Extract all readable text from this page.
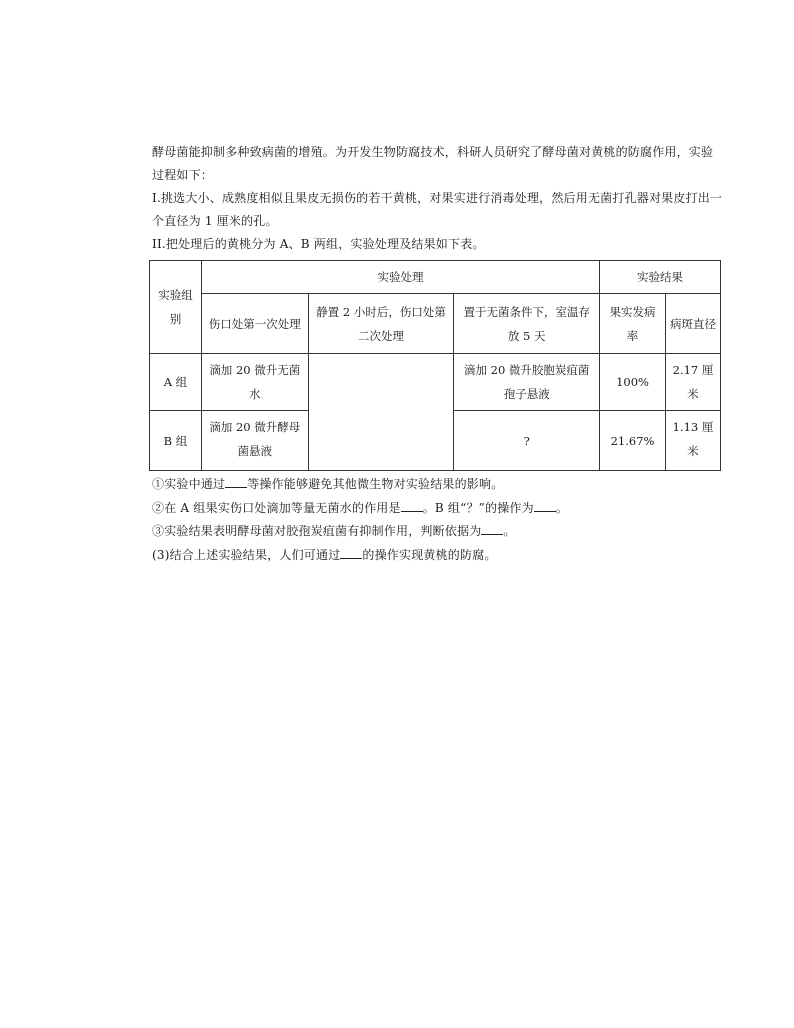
酵母菌能抑制多种致病菌的增殖。为开发生物防腐技术，科研人员研究了酵母菌对黄桃的防腐作用，实验
过程如下：
I.挑选大小、成熟度相似且果皮无损伤的若干黄桃，对果实进行消毒处理，然后用无菌打孔器对果皮打出一
个直径为 1 厘米的孔。
II.把处理后的黄桃分为 A、B 两组，实验处理及结果如下表。
实验组别	实验处理			实验结果	
	伤口处第一次处理	静置 2 小时后，伤口处第二次处理	置于无菌条件下，室温存放 5 天	果实发病率	病斑直径
A 组	滴加 20 微升无菌水		滴加 20 微升胶胞炭疽菌孢子悬液	100%	2.17 厘米
B 组	滴加 20 微升酵母菌悬液		?	21.67%	1.13 厘米
①实验中通过 等操作能够避免其他微生物对实验结果的影响。
②在 A 组果实伤口处滴加等量无菌水的作用是 。B 组“？”的操作为 。
③实验结果表明酵母菌对胶孢炭疽菌有抑制作用，判断依据为 。
(3)结合上述实验结果，人们可通过 的操作实现黄桃的防腐。
